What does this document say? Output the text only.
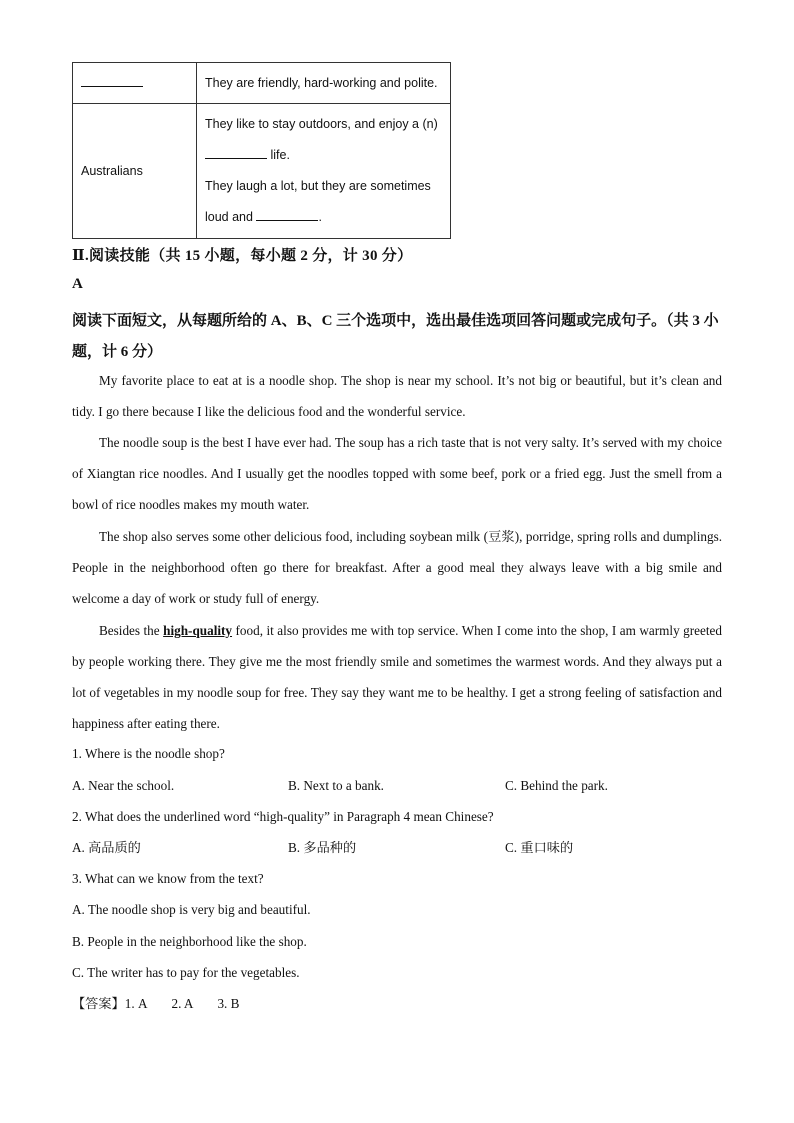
	They are friendly, hard-working and polite.
Australians	They like to stay outdoors, and enjoy a (n)
life.
They laugh a lot, but they are sometimes
loud and .
Ⅱ.阅读技能（共 15 小题，每小题 2 分，计 30 分）
A
阅读下面短文，从每题所给的 A、B、C 三个选项中，选出最佳选项回答问题或完成句子。（共 3 小题，计 6 分）
My favorite place to eat at is a noodle shop. The shop is near my school. It’s not big or beautiful, but it’s clean and tidy. I go there because I like the delicious food and the wonderful service.
The noodle soup is the best I have ever had. The soup has a rich taste that is not very salty. It’s served with my choice of Xiangtan rice noodles. And I usually get the noodles topped with some beef, pork or a fried egg. Just the smell from a bowl of rice noodles makes my mouth water.
The shop also serves some other delicious food, including soybean milk (豆浆), porridge, spring rolls and dumplings. People in the neighborhood often go there for breakfast. After a good meal they always leave with a big smile and welcome a day of work or study full of energy.
Besides the high-quality food, it also provides me with top service. When I come into the shop, I am warmly greeted by people working there. They give me the most friendly smile and sometimes the warmest words. And they always put a lot of vegetables in my noodle soup for free. They say they want me to be healthy. I get a strong feeling of satisfaction and happiness after eating there.
1. Where is the noodle shop?
A. Near the school.	B. Next to a bank.	C. Behind the park.
2. What does the underlined word “high-quality” in Paragraph 4 mean Chinese?
A. 高品质的	B. 多品种的	C. 重口味的
3. What can we know from the text?
A. The noodle shop is very big and beautiful.
B. People in the neighborhood like the shop.
C. The writer has to pay for the vegetables.
【答案】1. A 2. A 3. B
